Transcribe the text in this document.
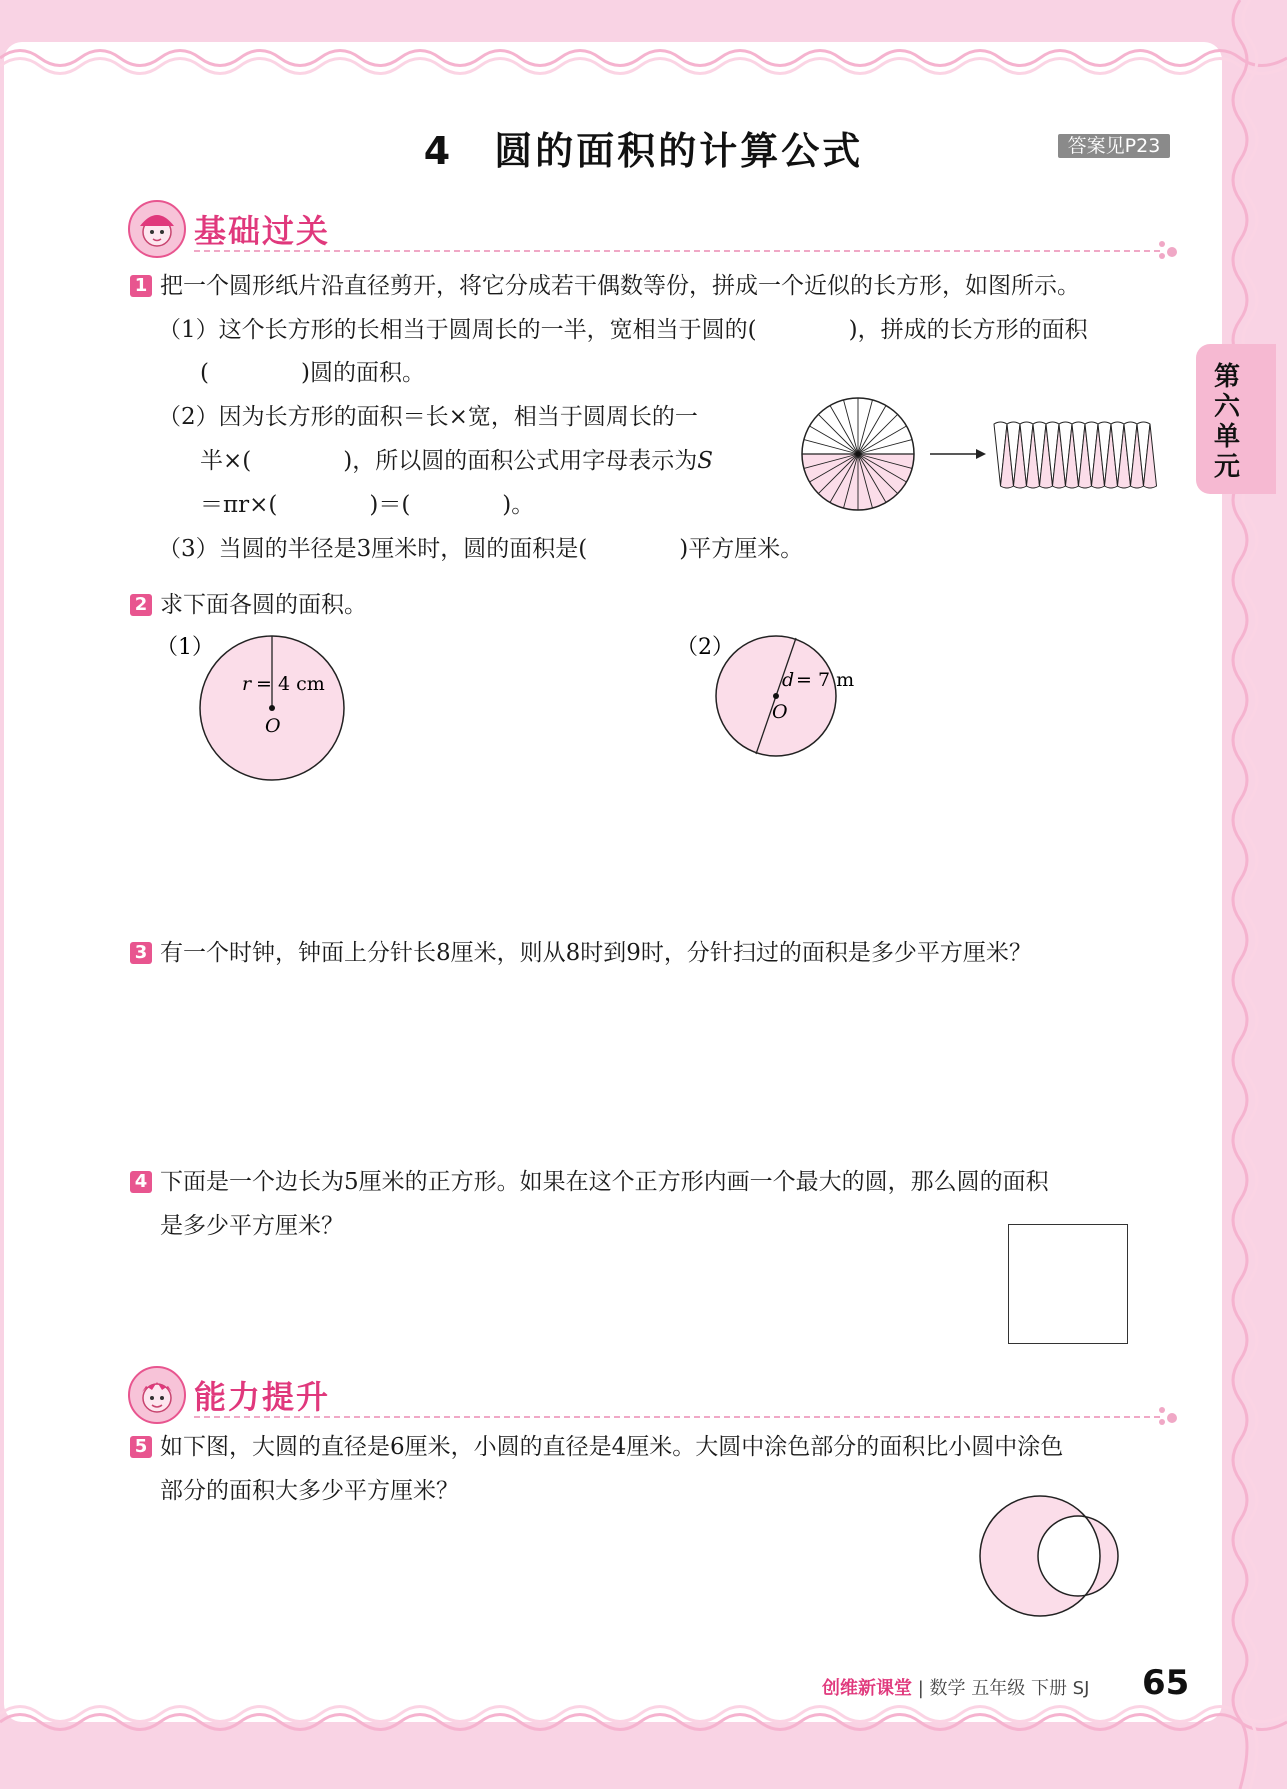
4　圆的面积的计算公式	答案见P23
第六单元
基础过关
1 把一个圆形纸片沿直径剪开，将它分成若干偶数等份，拼成一个近似的长方形，如图所示。
（1）这个长方形的长相当于圆周长的一半，宽相当于圆的(　　　　)，拼成的长方形的面积
(　　　　)圆的面积。
（2）因为长方形的面积＝长×宽，相当于圆周长的一
半×(　　　　)，所以圆的面积公式用字母表示为S
＝πr×(　　　　)＝(　　　　)。
（3）当圆的半径是3厘米时，圆的面积是(　　　　)平方厘米。
2 求下面各圆的面积。
（1）
r = 4 cm
O
（2）
d = 7 m
O
3 有一个时钟，钟面上分针长8厘米，则从8时到9时，分针扫过的面积是多少平方厘米？
4 下面是一个边长为5厘米的正方形。如果在这个正方形内画一个最大的圆，那么圆的面积
是多少平方厘米？
能力提升
5 如下图，大圆的直径是6厘米，小圆的直径是4厘米。大圆中涂色部分的面积比小圆中涂色
部分的面积大多少平方厘米？
创维新课堂 | 数学 五年级 下册 SJ 65
